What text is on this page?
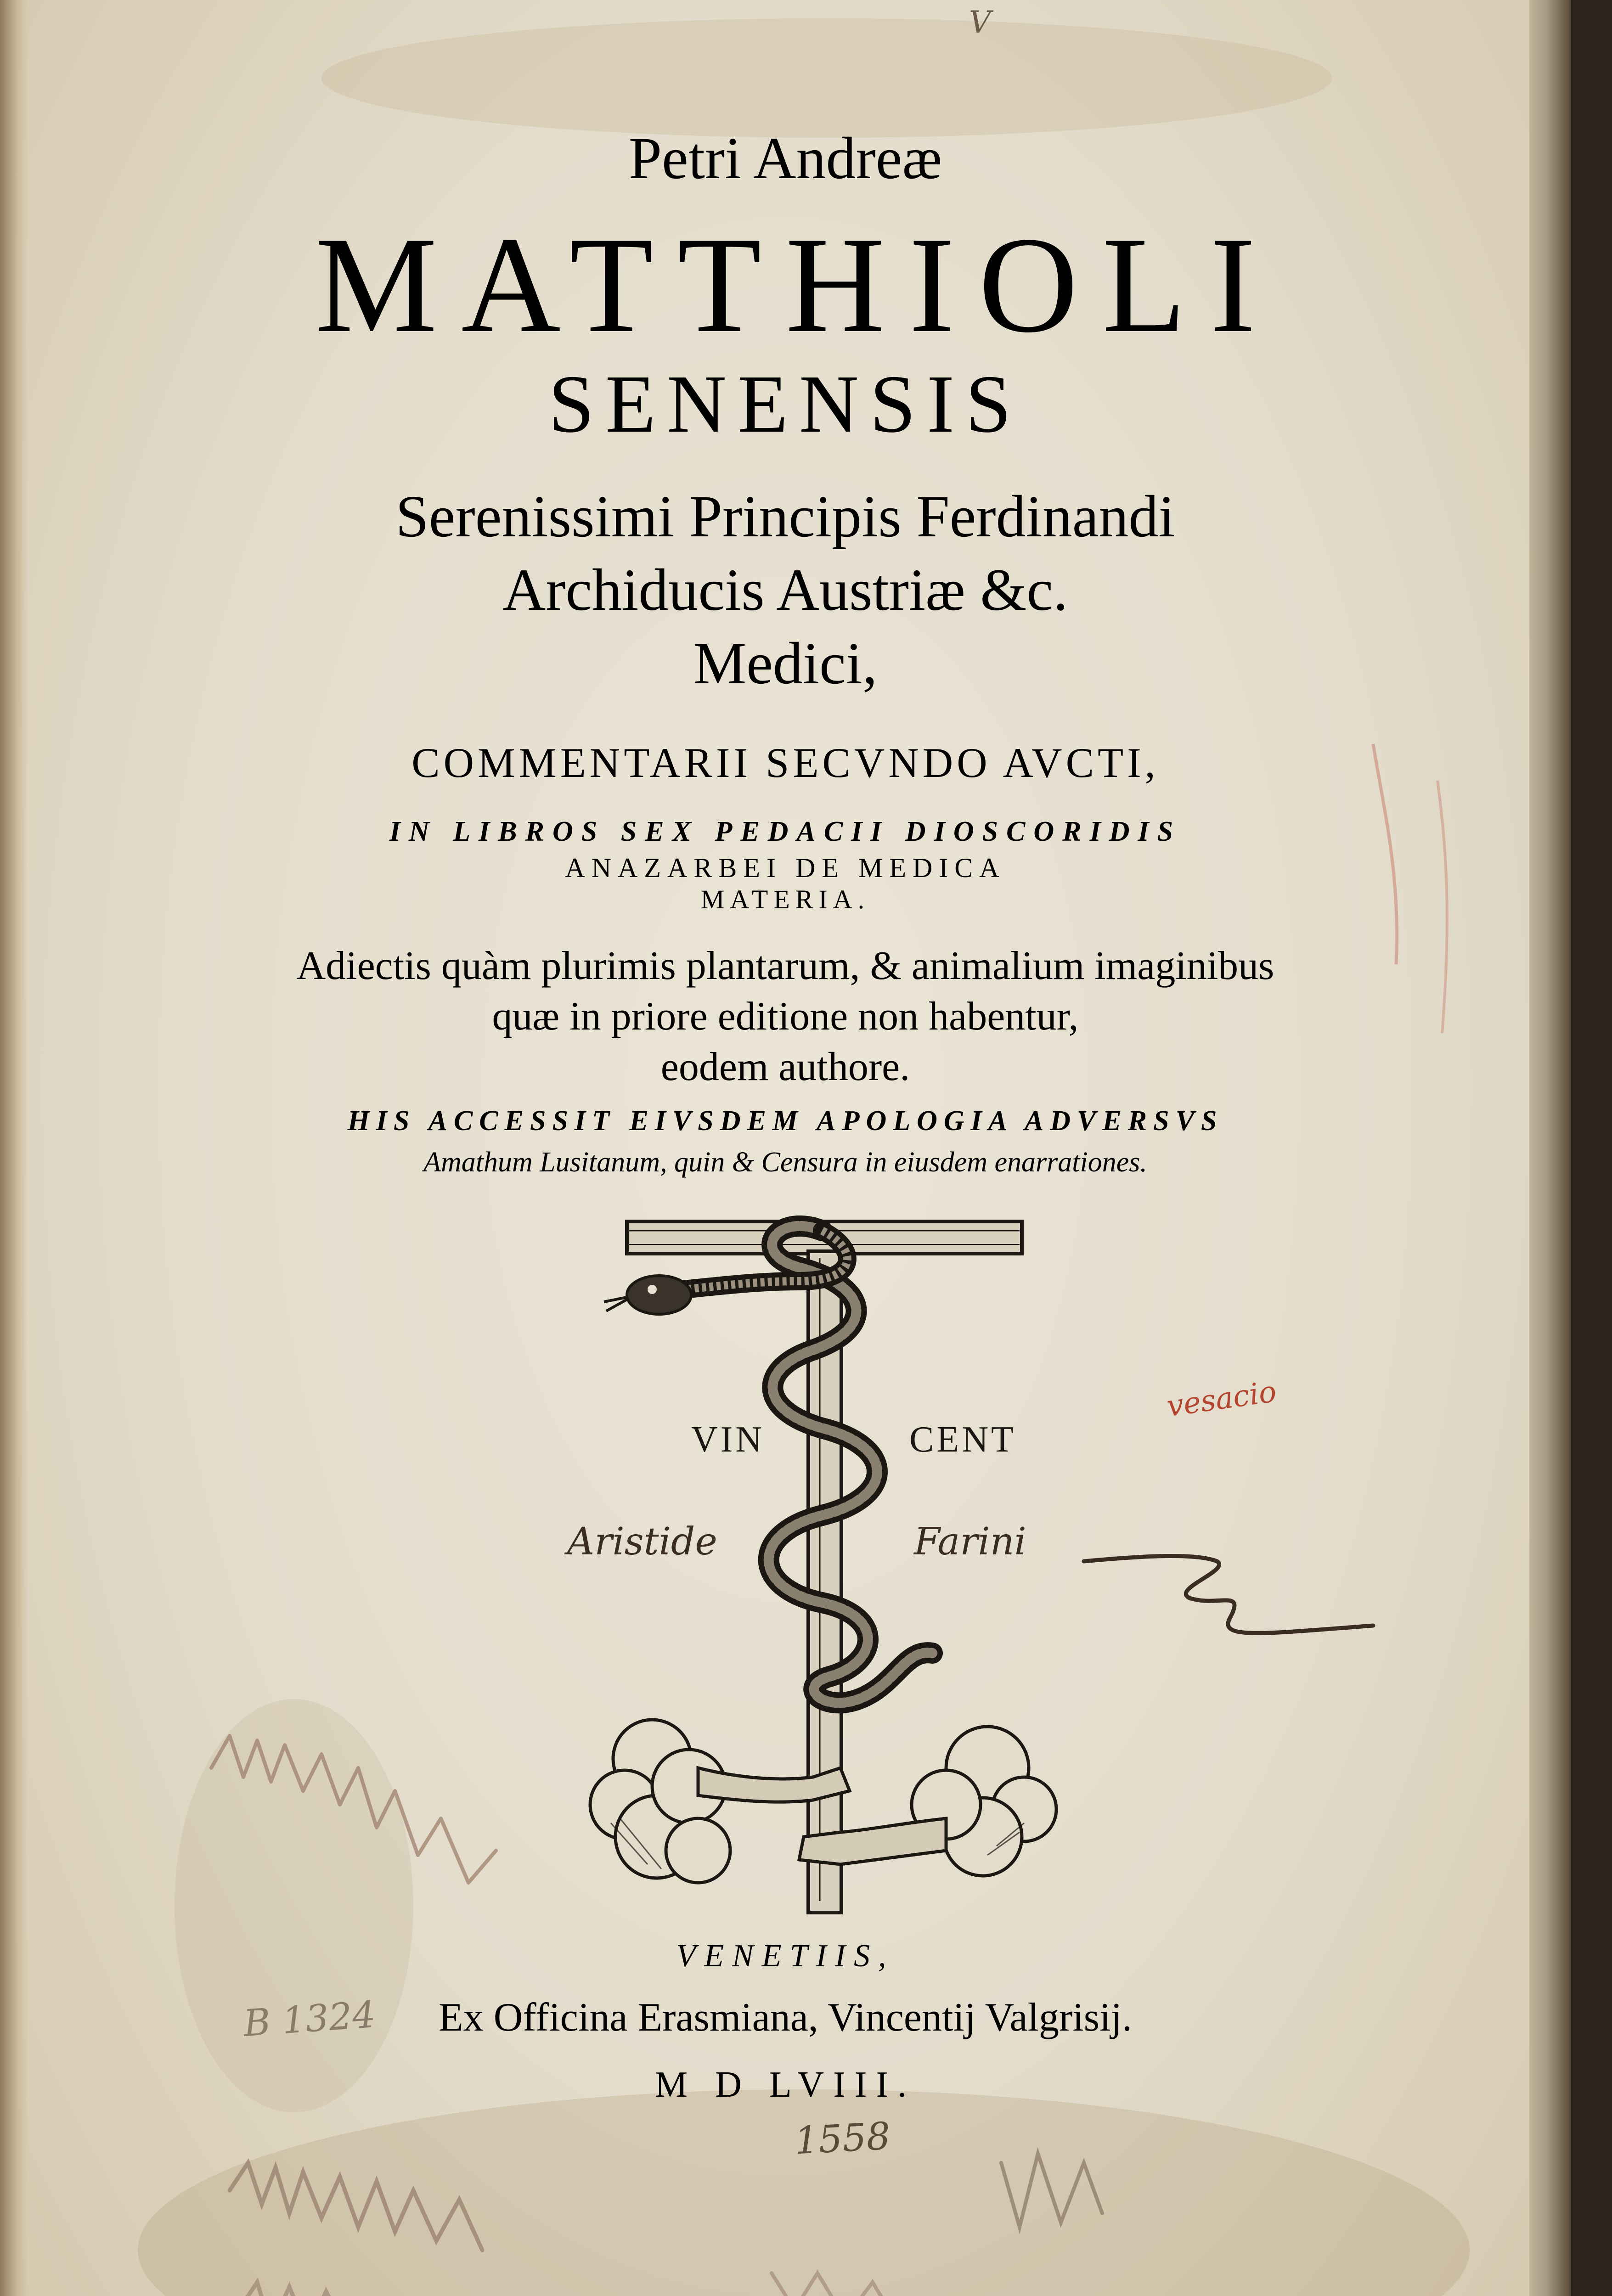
Petri Andreæ
MATTHIOLI
SENENSIS
Serenissimi Principis Ferdinandi
Archiducis Austriæ &c.
Medici,
COMMENTARII SECVNDO AVCTI,
IN LIBROS SEX PEDACII DIOSCORIDIS
ANAZARBEI DE MEDICA
MATERIA.
Adiectis quàm plurimis plantarum, & animalium imaginibus
quæ in priore editione non habentur,
eodem authore.
HIS ACCESSIT EIVSDEM APOLOGIA ADVERSVS
Amathum Lusitanum, quin & Censura in eiusdem enarrationes.
VIN	CENT
VENETIIS,
Ex Officina Erasmiana, Vincentij Valgrisij.
M D LVIII.
Aristide	Farini
1558
vesacio
B 1324
V
